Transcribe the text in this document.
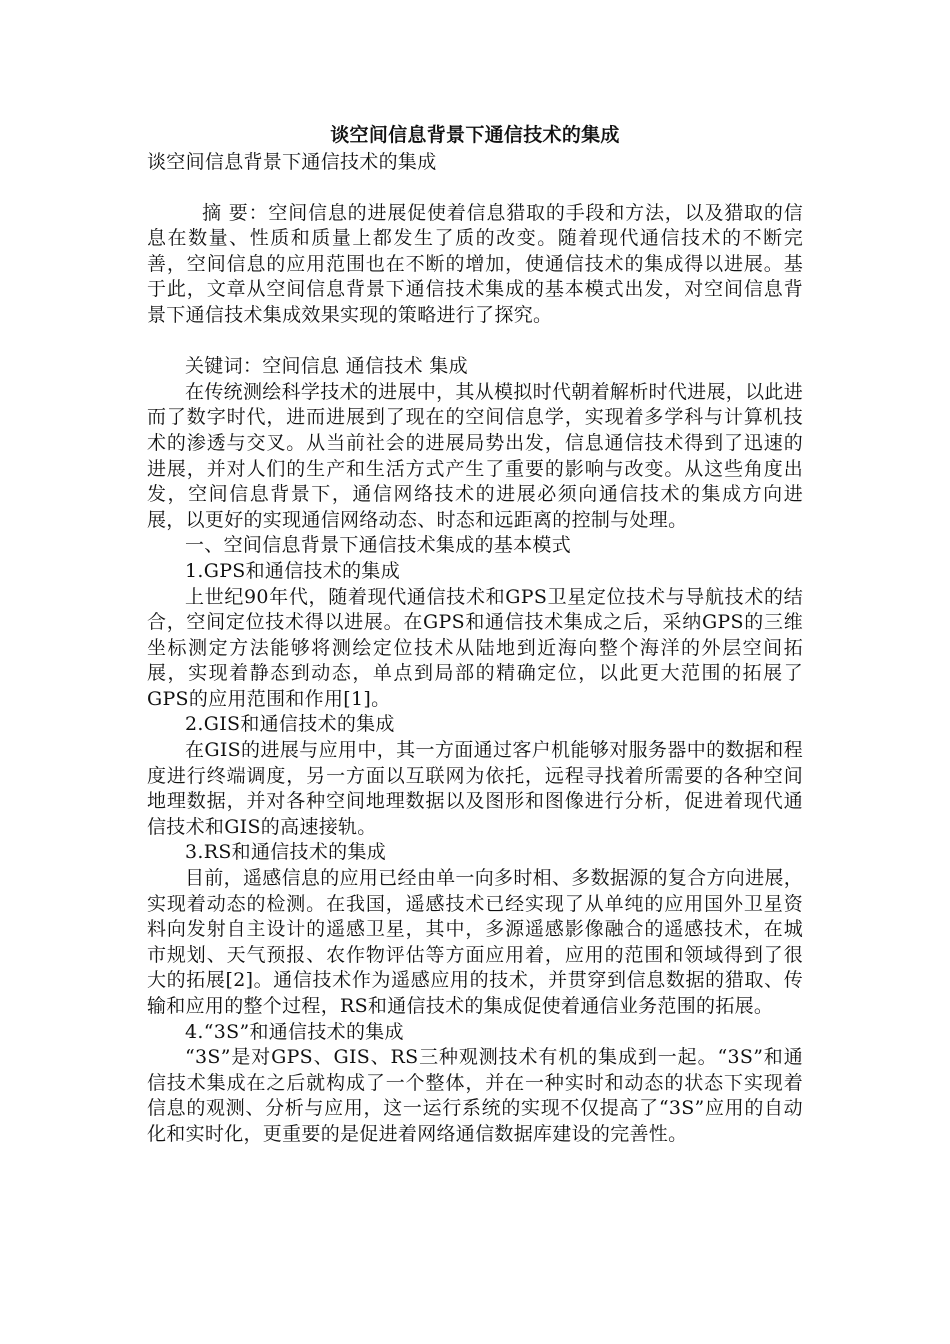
谈空间信息背景下通信技术的集成

谈空间信息背景下通信技术的集成

摘 要：空间信息的进展促使着信息猎取的手段和方法，以及猎取的信息在数量、性质和质量上都发生了质的改变。随着现代通信技术的不断完善，空间信息的应用范围也在不断的增加，使通信技术的集成得以进展。基于此，文章从空间信息背景下通信技术集成的基本模式出发，对空间信息背景下通信技术集成效果实现的策略进行了探究。

关键词：空间信息 通信技术 集成

在传统测绘科学技术的进展中，其从模拟时代朝着解析时代进展，以此进而了数字时代，进而进展到了现在的空间信息学，实现着多学科与计算机技术的渗透与交叉。从当前社会的进展局势出发，信息通信技术得到了迅速的进展，并对人们的生产和生活方式产生了重要的影响与改变。从这些角度出发，空间信息背景下，通信网络技术的进展必须向通信技术的集成方向进展，以更好的实现通信网络动态、时态和远距离的控制与处理。

一、空间信息背景下通信技术集成的基本模式

1.GPS和通信技术的集成

上世纪90年代，随着现代通信技术和GPS卫星定位技术与导航技术的结合，空间定位技术得以进展。在GPS和通信技术集成之后，采纳GPS的三维坐标测定方法能够将测绘定位技术从陆地到近海向整个海洋的外层空间拓展，实现着静态到动态，单点到局部的精确定位，以此更大范围的拓展了GPS的应用范围和作用[1]。

2.GIS和通信技术的集成

在GIS的进展与应用中，其一方面通过客户机能够对服务器中的数据和程度进行终端调度，另一方面以互联网为依托，远程寻找着所需要的各种空间地理数据，并对各种空间地理数据以及图形和图像进行分析，促进着现代通信技术和GIS的高速接轨。

3.RS和通信技术的集成

目前，遥感信息的应用已经由单一向多时相、多数据源的复合方向进展，实现着动态的检测。在我国，遥感技术已经实现了从单纯的应用国外卫星资料向发射自主设计的遥感卫星，其中，多源遥感影像融合的遥感技术，在城市规划、天气预报、农作物评估等方面应用着，应用的范围和领域得到了很大的拓展[2]。通信技术作为遥感应用的技术，并贯穿到信息数据的猎取、传输和应用的整个过程，RS和通信技术的集成促使着通信业务范围的拓展。

4.“3S”和通信技术的集成

“3S”是对GPS、GIS、RS三种观测技术有机的集成到一起。“3S”和通信技术集成在之后就构成了一个整体，并在一种实时和动态的状态下实现着信息的观测、分析与应用，这一运行系统的实现不仅提高了“3S”应用的自动化和实时化，更重要的是促进着网络通信数据库建设的完善性。
